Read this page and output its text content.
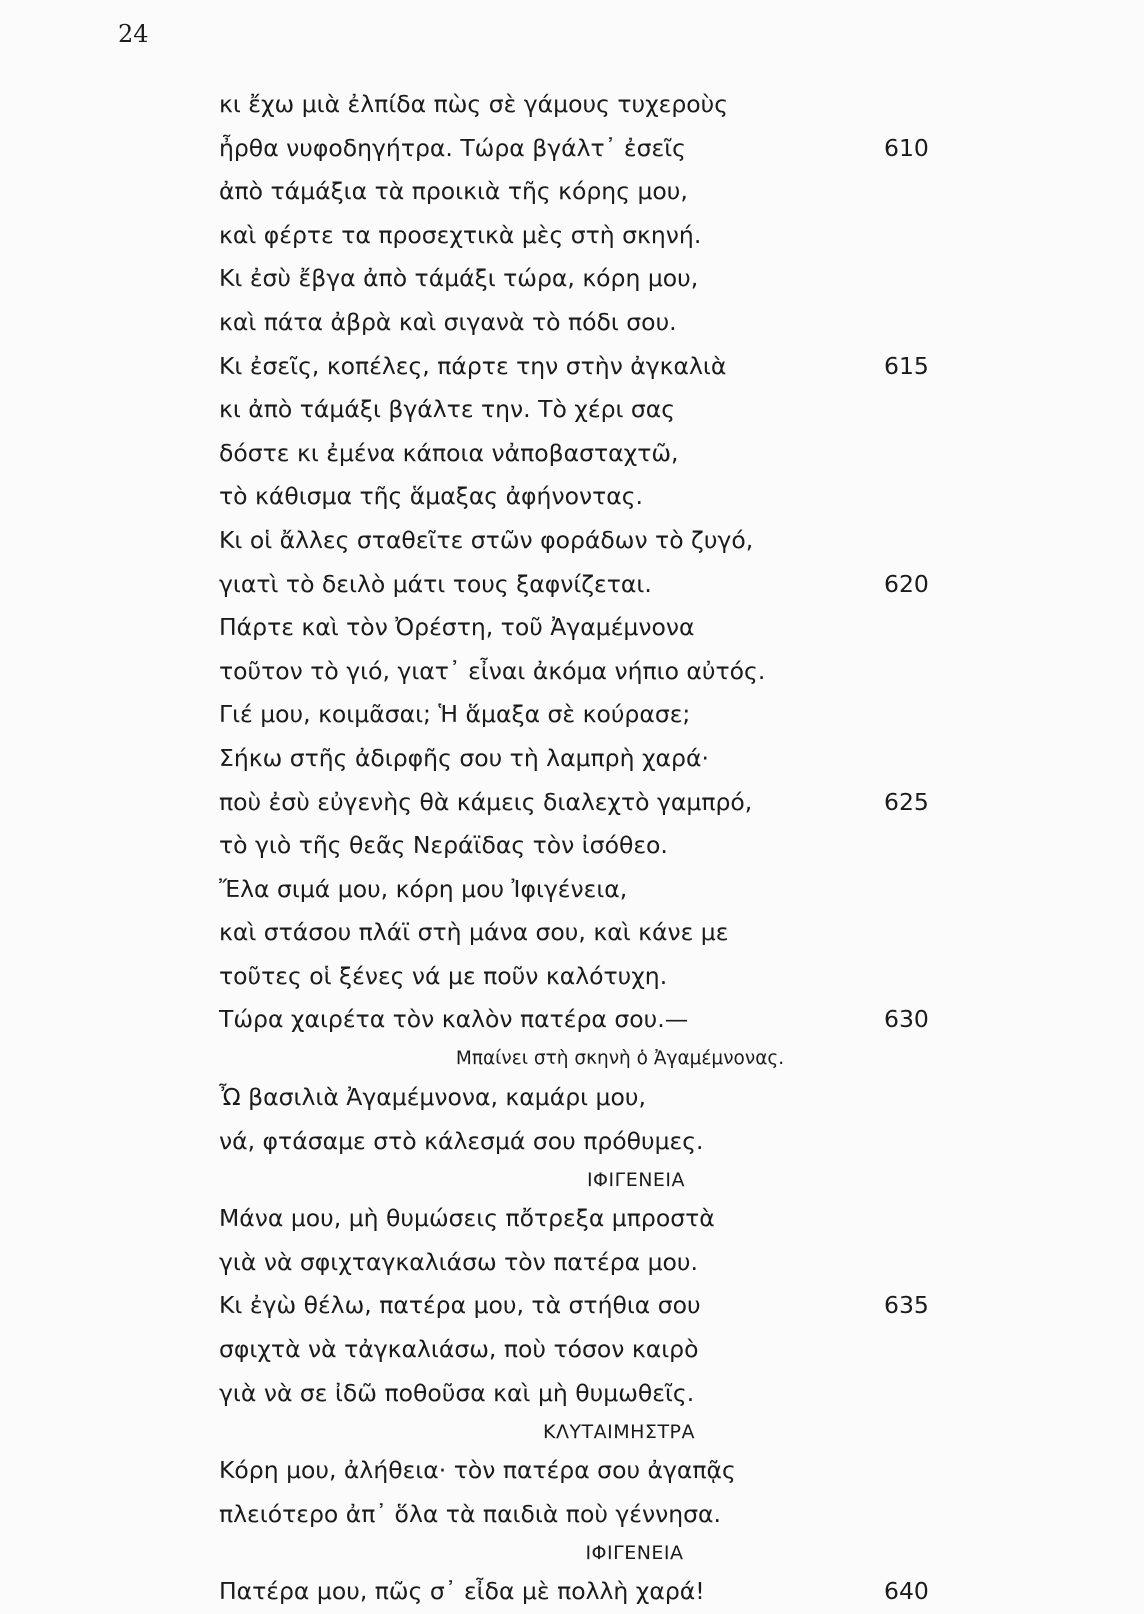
24
κι ἔχω μιὰ ἐλπίδα πὼς σὲ γάμους τυχεροὺς
ἦρθα νυφοδηγήτρα. Τώρα βγάλτ᾽ ἐσεῖς	610
ἀπὸ τάμάξια τὰ προικιὰ τῆς κόρης μου,
καὶ φέρτε τα προσεχτικὰ μὲς στὴ σκηνή.
Κι ἐσὺ ἔβγα ἀπὸ τάμάξι τώρα, κόρη μου,
καὶ πάτα ἀβρὰ καὶ σιγανὰ τὸ πόδι σου.
Κι ἐσεῖς, κοπέλες, πάρτε την στὴν ἀγκαλιὰ	615
κι ἀπὸ τάμάξι βγάλτε την. Τὸ χέρι σας
δόστε κι ἐμένα κάποια νἀποβασταχτῶ,
τὸ κάθισμα τῆς ἅμαξας ἀφήνοντας.
Κι οἱ ἄλλες σταθεῖτε στῶν φοράδων τὸ ζυγό,
γιατὶ τὸ δειλὸ μάτι τους ξαφνίζεται.	620
Πάρτε καὶ τὸν Ὀρέστη, τοῦ Ἀγαμέμνονα
τοῦτον τὸ γιό, γιατ᾽ εἶναι ἀκόμα νήπιο αὐτός.
Γιέ μου, κοιμᾶσαι; Ἡ ἅμαξα σὲ κούρασε;
Σήκω στῆς ἀδιρφῆς σου τὴ λαμπρὴ χαρά·
ποὺ ἐσὺ εὐγενὴς θὰ κάμεις διαλεχτὸ γαμπρό,	625
τὸ γιὸ τῆς θεᾶς Νεράϊδας τὸν ἰσόθεο.
Ἔλα σιμά μου, κόρη μου Ἰφιγένεια,
καὶ στάσου πλάϊ στὴ μάνα σου, καὶ κάνε με
τοῦτες οἱ ξένες νά με ποῦν καλότυχη.
Τώρα χαιρέτα τὸν καλὸν πατέρα σου.—	630
Μπαίνει στὴ σκηνὴ ὁ Ἀγαμέμνονας.
Ὦ βασιλιὰ Ἀγαμέμνονα, καμάρι μου,
νά, φτάσαμε στὸ κάλεσμά σου πρόθυμες.
ΙΦΙΓΕΝΕΙΑ
Μάνα μου, μὴ θυμώσεις πὄτρεξα μπροστὰ
γιὰ νὰ σφιχταγκαλιάσω τὸν πατέρα μου.
Κι ἐγὼ θέλω, πατέρα μου, τὰ στήθια σου	635
σφιχτὰ νὰ τἀγκαλιάσω, ποὺ τόσον καιρὸ
γιὰ νὰ σε ἰδῶ ποθοῦσα καὶ μὴ θυμωθεῖς.
ΚΛΥΤΑΙΜΗΣΤΡΑ
Κόρη μου, ἀλήθεια· τὸν πατέρα σου ἀγαπᾷς
πλειότερο ἀπ᾽ ὅλα τὰ παιδιὰ ποὺ γέννησα.
ΙΦΙΓΕΝΕΙΑ
Πατέρα μου, πῶς σ᾽ εἶδα μὲ πολλὴ χαρά!	640
